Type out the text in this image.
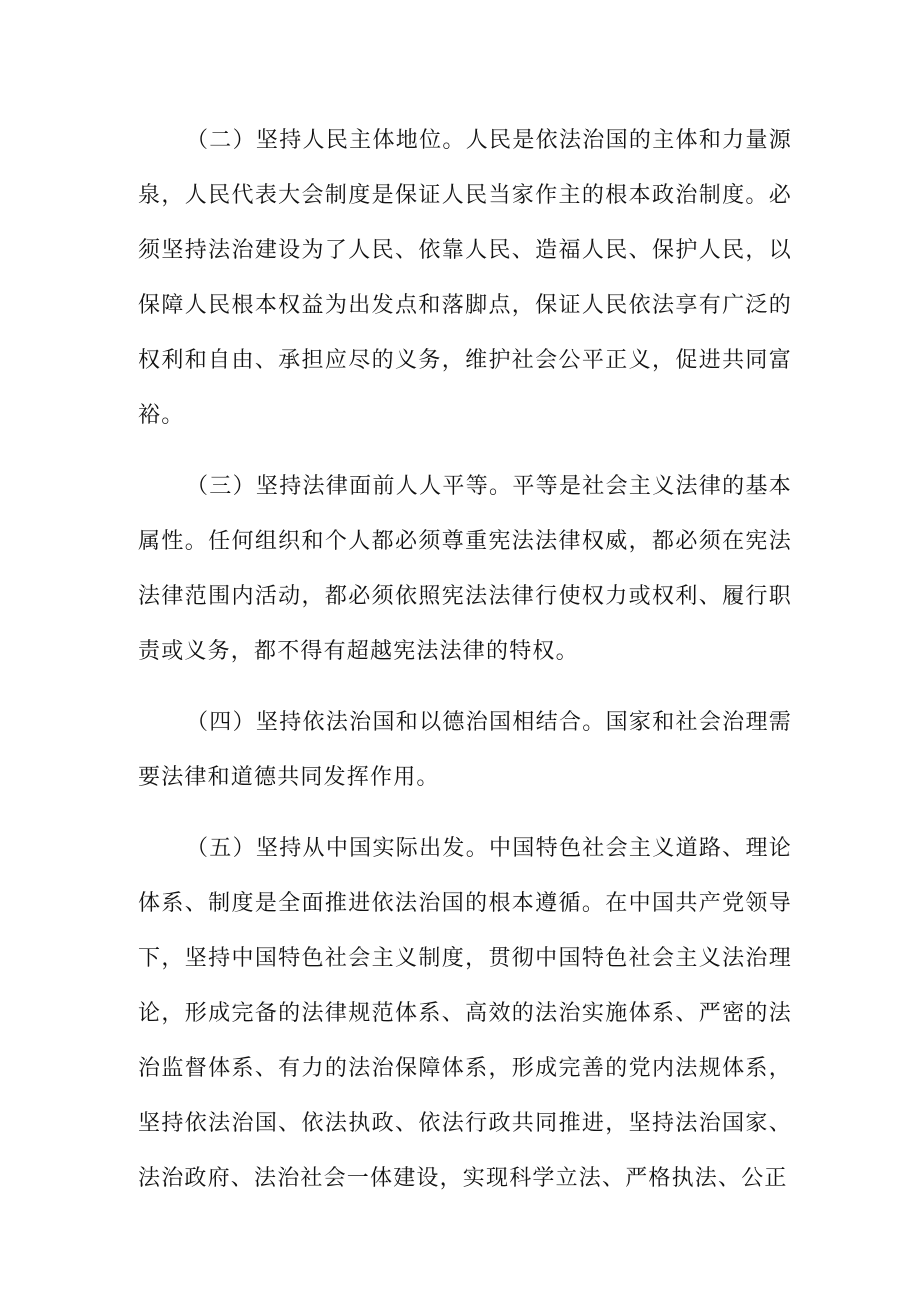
（二）坚持人民主体地位。人民是依法治国的主体和力量源泉，人民代表大会制度是保证人民当家作主的根本政治制度。必须坚持法治建设为了人民、依靠人民、造福人民、保护人民，以保障人民根本权益为出发点和落脚点，保证人民依法享有广泛的权利和自由、承担应尽的义务，维护社会公平正义，促进共同富裕。

（三）坚持法律面前人人平等。平等是社会主义法律的基本属性。任何组织和个人都必须尊重宪法法律权威，都必须在宪法法律范围内活动，都必须依照宪法法律行使权力或权利、履行职责或义务，都不得有超越宪法法律的特权。

（四）坚持依法治国和以德治国相结合。国家和社会治理需要法律和道德共同发挥作用。

（五）坚持从中国实际出发。中国特色社会主义道路、理论体系、制度是全面推进依法治国的根本遵循。在中国共产党领导下，坚持中国特色社会主义制度，贯彻中国特色社会主义法治理论，形成完备的法律规范体系、高效的法治实施体系、严密的法治监督体系、有力的法治保障体系，形成完善的党内法规体系，坚持依法治国、依法执政、依法行政共同推进，坚持法治国家、法治政府、法治社会一体建设，实现科学立法、严格执法、公正
